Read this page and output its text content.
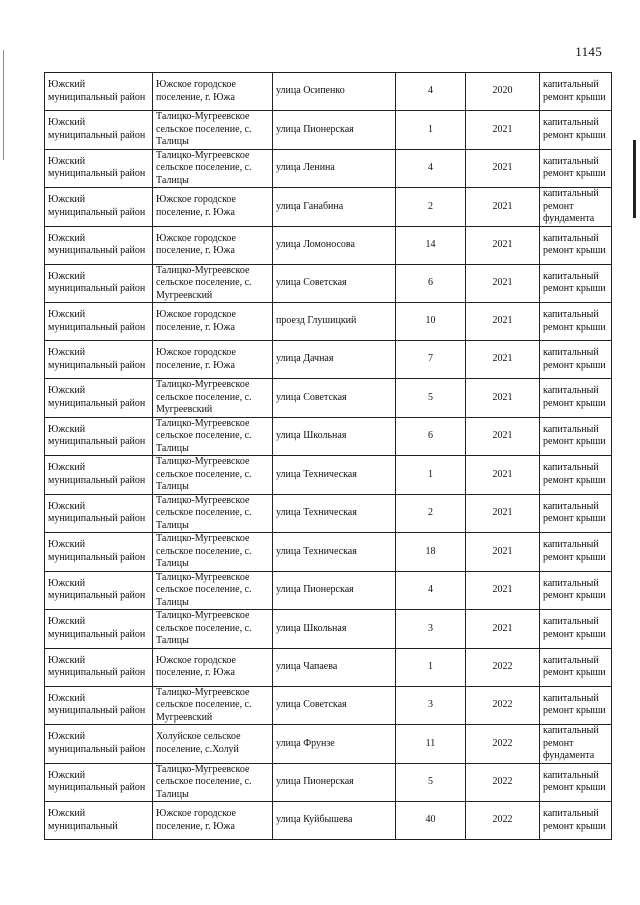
1145
Южский муниципальный район	Южское городское поселение, г. Южа	улица Осипенко	4	2020	капитальный ремонт крыши

Южский муниципальный район	Талицко-Мугреевское сельское поселение, с. Талицы	улица Пионерская	1	2021	капитальный ремонт крыши

Южский муниципальный район	Талицко-Мугреевское сельское поселение, с. Талицы	улица Ленина	4	2021	капитальный ремонт крыши

Южский муниципальный район	Южское городское поселение, г. Южа	улица Ганабина	2	2021	капитальный ремонт фундамента

Южский муниципальный район	Южское городское поселение, г. Южа	улица Ломоносова	14	2021	капитальный ремонт крыши

Южский муниципальный район	Талицко-Мугреевское сельское поселение, с. Мугреевский	улица Советская	6	2021	капитальный ремонт крыши

Южский муниципальный район	Южское городское поселение, г. Южа	проезд Глушицкий	10	2021	капитальный ремонт крыши

Южский муниципальный район	Южское городское поселение, г. Южа	улица Дачная	7	2021	капитальный ремонт крыши

Южский муниципальный район	Талицко-Мугреевское сельское поселение, с. Мугреевский	улица Советская	5	2021	капитальный ремонт крыши

Южский муниципальный район	Талицко-Мугреевское сельское поселение, с. Талицы	улица Школьная	6	2021	капитальный ремонт крыши

Южский муниципальный район	Талицко-Мугреевское сельское поселение, с. Талицы	улица Техническая	1	2021	капитальный ремонт крыши

Южский муниципальный район	Талицко-Мугреевское сельское поселение, с. Талицы	улица Техническая	2	2021	капитальный ремонт крыши

Южский муниципальный район	Талицко-Мугреевское сельское поселение, с. Талицы	улица Техническая	18	2021	капитальный ремонт крыши

Южский муниципальный район	Талицко-Мугреевское сельское поселение, с. Талицы	улица Пионерская	4	2021	капитальный ремонт крыши

Южский муниципальный район	Талицко-Мугреевское сельское поселение, с. Талицы	улица Школьная	3	2021	капитальный ремонт крыши

Южский муниципальный район	Южское городское поселение, г. Южа	улица Чапаева	1	2022	капитальный ремонт крыши

Южский муниципальный район	Талицко-Мугреевское сельское поселение, с. Мугреевский	улица Советская	3	2022	капитальный ремонт крыши

Южский муниципальный район	Холуйское сельское поселение, с.Холуй	улица Фрунзе	11	2022	капитальный ремонт фундамента

Южский муниципальный район	Талицко-Мугреевское сельское поселение, с. Талицы	улица Пионерская	5	2022	капитальный ремонт крыши

Южский муниципальный	Южское городское поселение, г. Южа	улица Куйбышева	40	2022	капитальный ремонт крыши
